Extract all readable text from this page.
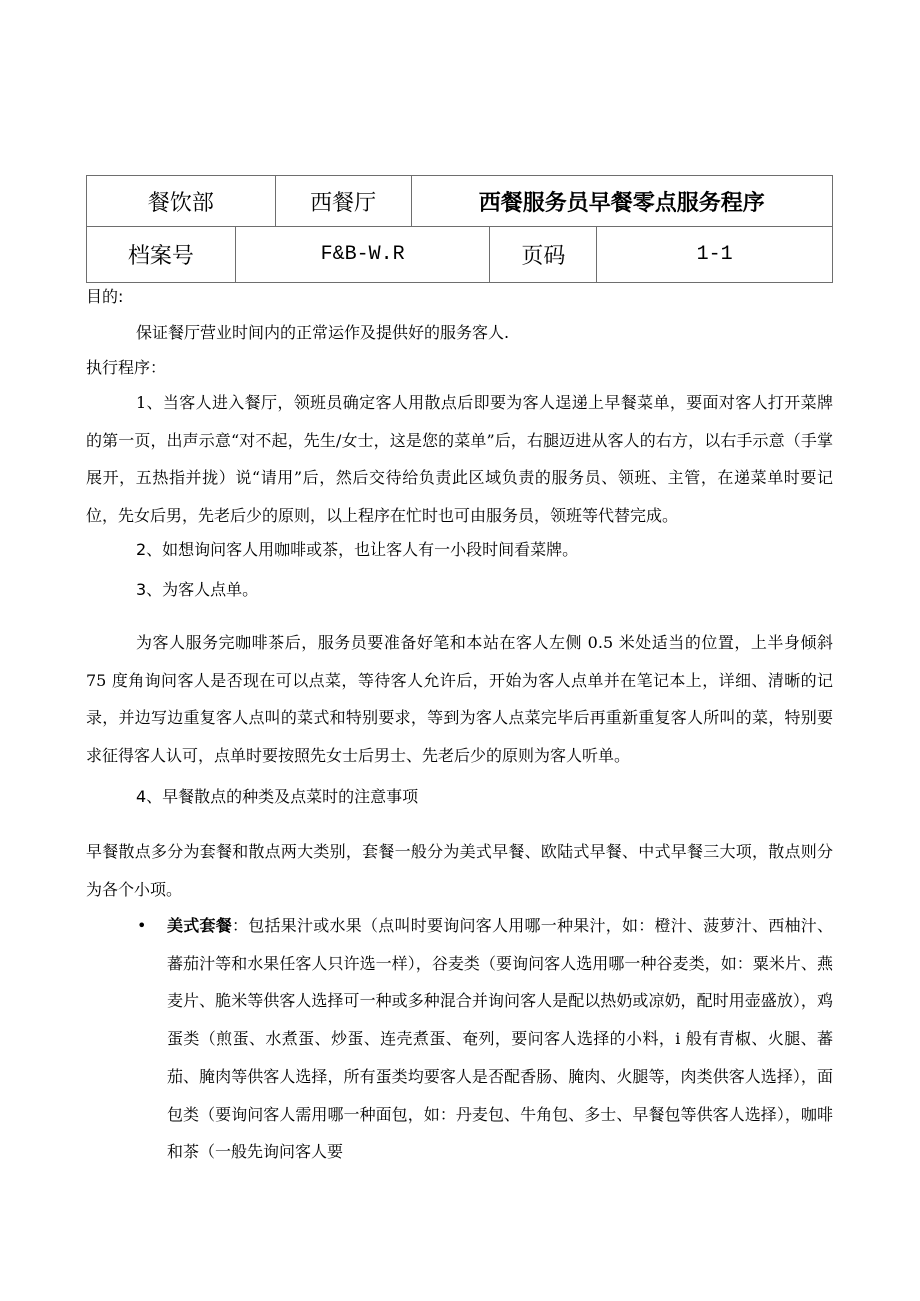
餐饮部	西餐厅	西餐服务员早餐零点服务程序
档案号	F&B-W.R	页码	1-1
目的:
保证餐厅营业时间内的正常运作及提供好的服务客人.
执行程序：
1、当客人进入餐厅，领班员确定客人用散点后即要为客人逞递上早餐菜单，要面对客人打开菜牌的第一页，出声示意“对不起，先生/女士，这是您的菜单”后，右腿迈进从客人的右方，以右手示意（手掌展开，五热指并拢）说“请用”后，然后交待给负责此区域负责的服务员、领班、主管，在递菜单时要记位，先女后男，先老后少的原则，以上程序在忙时也可由服务员，领班等代替完成。
2、如想询问客人用咖啡或茶，也让客人有一小段时间看菜牌。
3、为客人点单。
为客人服务完咖啡茶后，服务员要准备好笔和本站在客人左侧 0.5 米处适当的位置，上半身倾斜 75 度角询问客人是否现在可以点菜，等待客人允许后，开始为客人点单并在笔记本上，详细、清晰的记录，并边写边重复客人点叫的菜式和特别要求，等到为客人点菜完毕后再重新重复客人所叫的菜，特别要求征得客人认可，点单时要按照先女士后男士、先老后少的原则为客人听单。
4、早餐散点的种类及点菜时的注意事项
早餐散点多分为套餐和散点两大类别，套餐一般分为美式早餐、欧陆式早餐、中式早餐三大项，散点则分为各个小项。
• 美式套餐：包括果汁或水果（点叫时要询问客人用哪一种果汁，如：橙汁、菠萝汁、西柚汁、蕃茄汁等和水果任客人只许选一样），谷麦类（要询问客人选用哪一种谷麦类，如：粟米片、燕麦片、脆米等供客人选择可一种或多种混合并询问客人是配以热奶或凉奶，配时用壶盛放），鸡蛋类（煎蛋、水煮蛋、炒蛋、连壳煮蛋、奄列，要问客人选择的小料，i 般有青椒、火腿、蕃茄、腌肉等供客人选择，所有蛋类均要客人是否配香肠、腌肉、火腿等，肉类供客人选择），面包类（要询问客人需用哪一种面包，如：丹麦包、牛角包、多士、早餐包等供客人选择），咖啡和茶（一般先询问客人要
